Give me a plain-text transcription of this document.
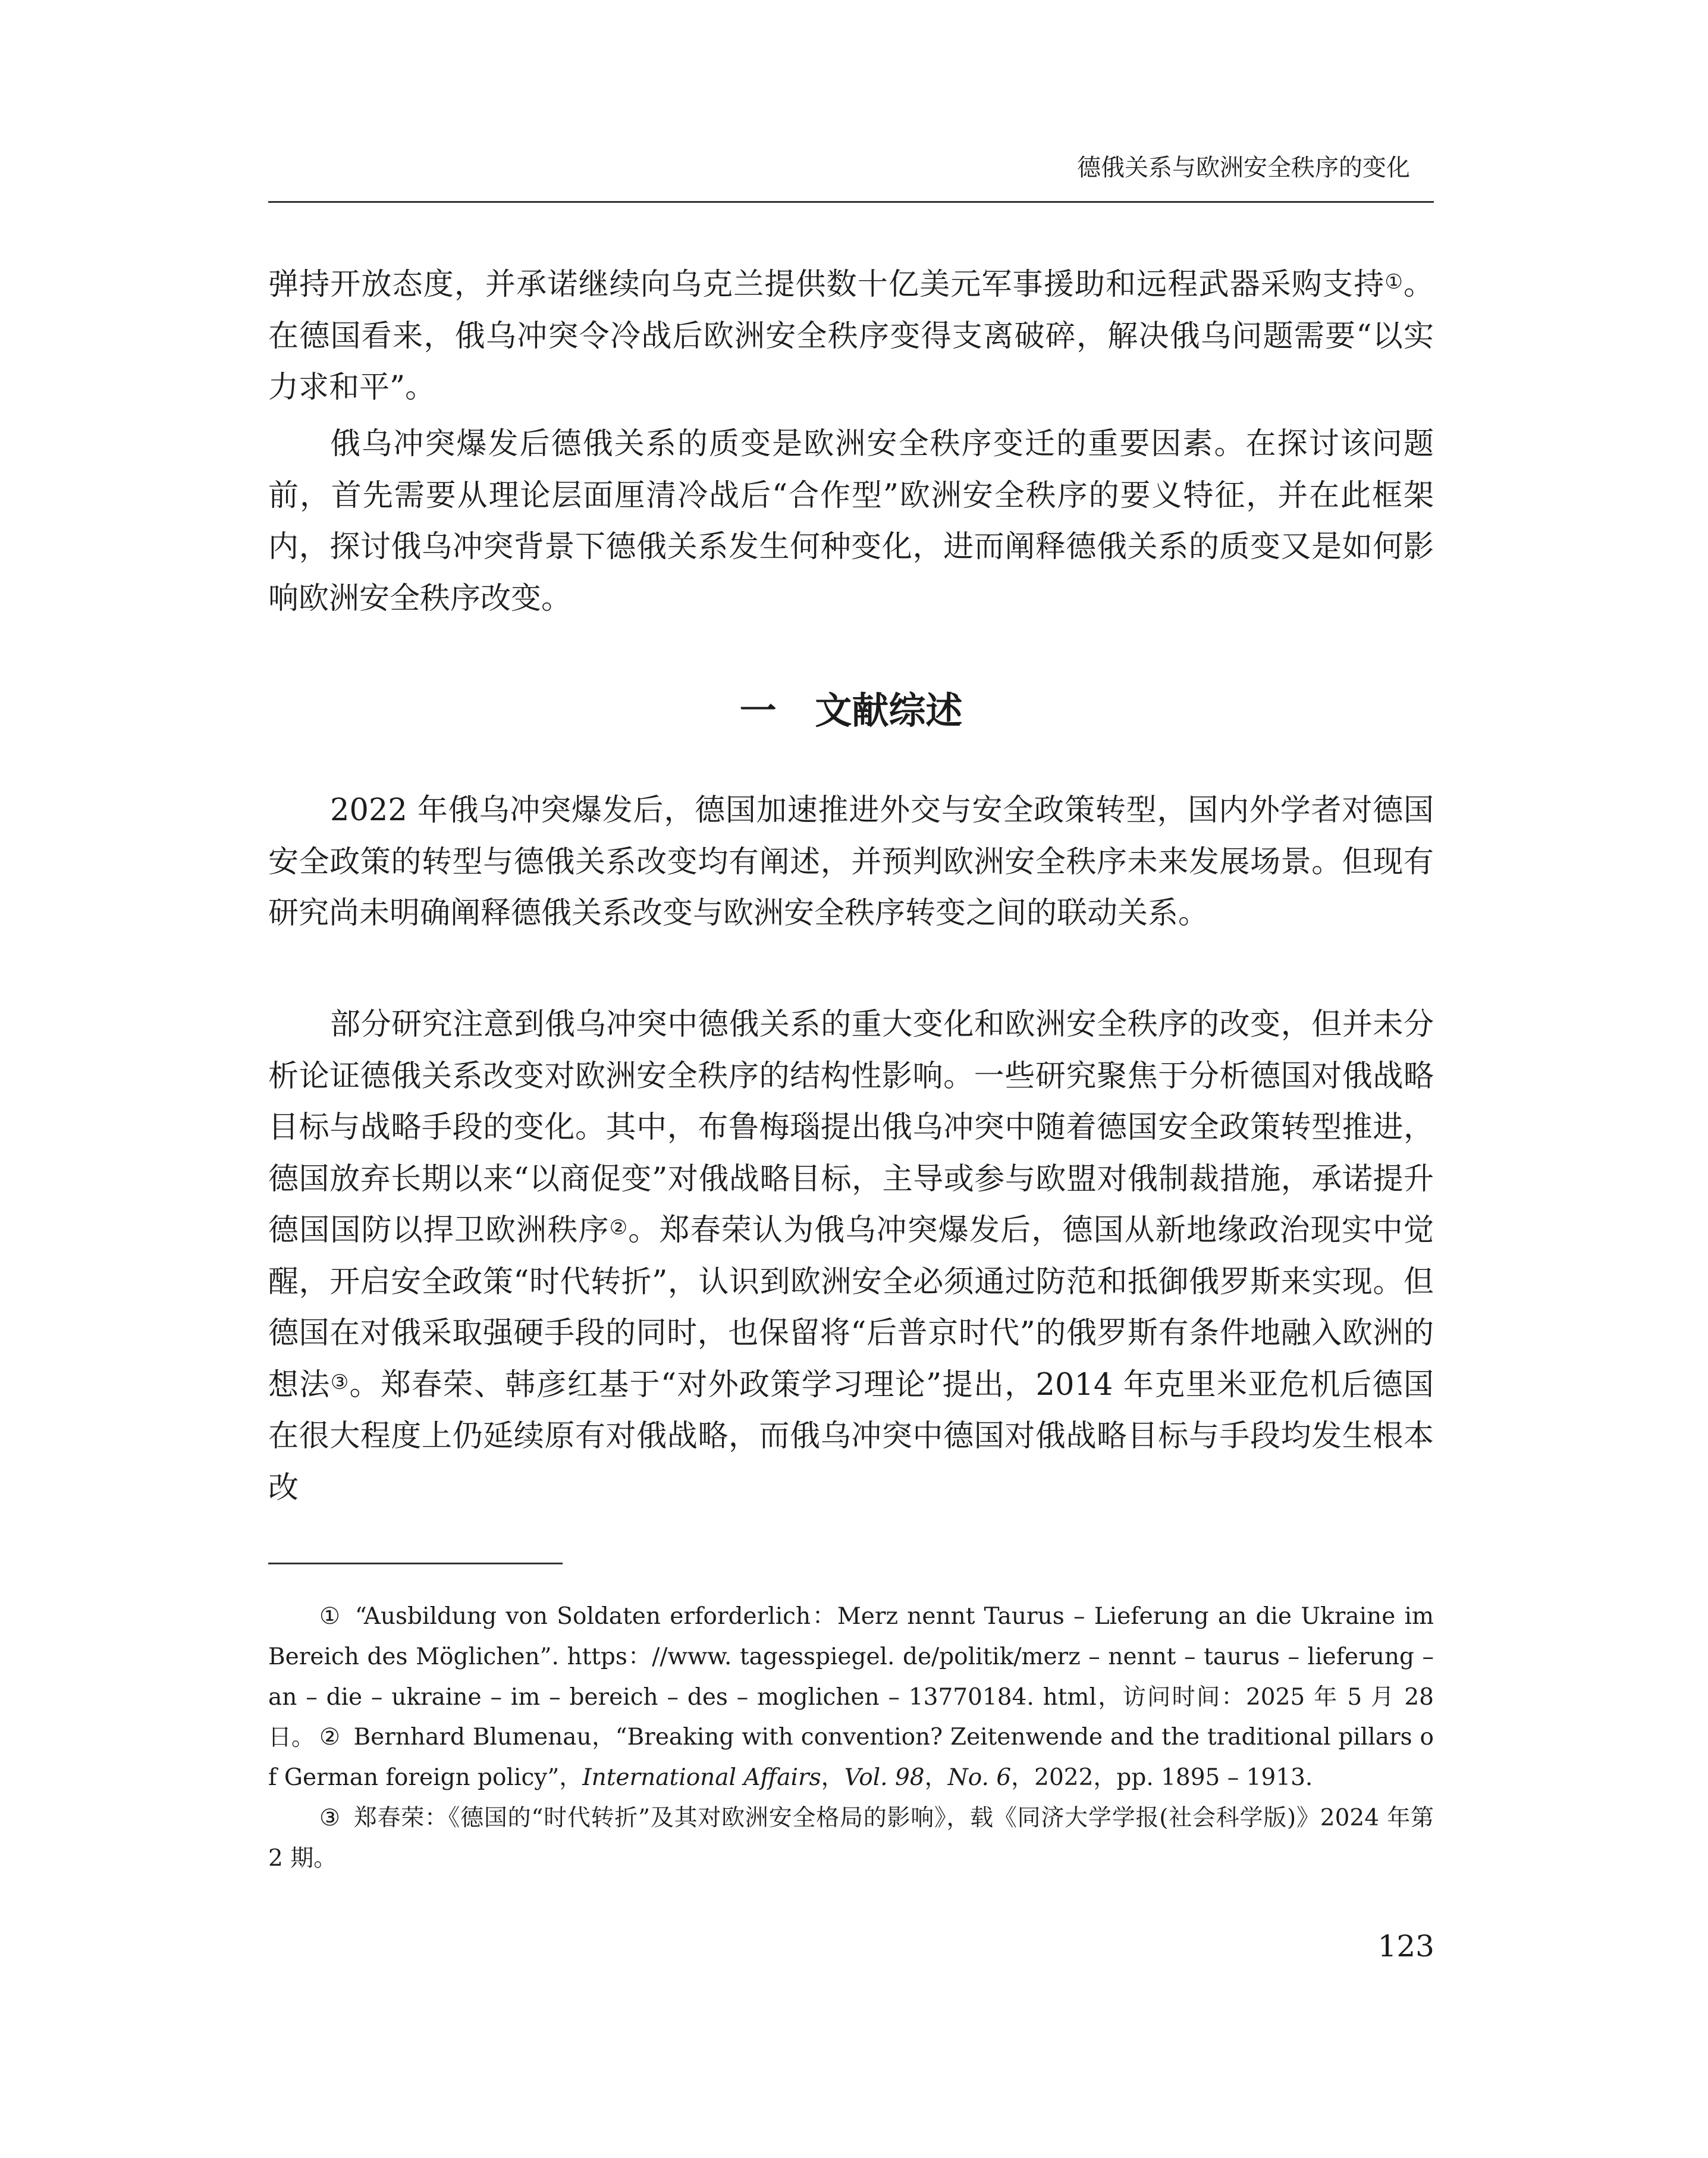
德俄关系与欧洲安全秩序的变化

弹持开放态度，并承诺继续向乌克兰提供数十亿美元军事援助和远程武器采购支持①。在德国看来，俄乌冲突令冷战后欧洲安全秩序变得支离破碎，解决俄乌问题需要“以实力求和平”。

俄乌冲突爆发后德俄关系的质变是欧洲安全秩序变迁的重要因素。在探讨该问题前，首先需要从理论层面厘清冷战后“合作型”欧洲安全秩序的要义特征，并在此框架内，探讨俄乌冲突背景下德俄关系发生何种变化，进而阐释德俄关系的质变又是如何影响欧洲安全秩序改变。

一   文献综述

2022 年俄乌冲突爆发后，德国加速推进外交与安全政策转型，国内外学者对德国安全政策的转型与德俄关系改变均有阐述，并预判欧洲安全秩序未来发展场景。但现有研究尚未明确阐释德俄关系改变与欧洲安全秩序转变之间的联动关系。

部分研究注意到俄乌冲突中德俄关系的重大变化和欧洲安全秩序的改变，但并未分析论证德俄关系改变对欧洲安全秩序的结构性影响。一些研究聚焦于分析德国对俄战略目标与战略手段的变化。其中，布鲁梅瑙提出俄乌冲突中随着德国安全政策转型推进，德国放弃长期以来“以商促变”对俄战略目标，主导或参与欧盟对俄制裁措施，承诺提升德国国防以捍卫欧洲秩序②。郑春荣认为俄乌冲突爆发后，德国从新地缘政治现实中觉醒，开启安全政策“时代转折”，认识到欧洲安全必须通过防范和抵御俄罗斯来实现。但德国在对俄采取强硬手段的同时，也保留将“后普京时代”的俄罗斯有条件地融入欧洲的想法③。郑春荣、韩彦红基于“对外政策学习理论”提出，2014 年克里米亚危机后德国在很大程度上仍延续原有对俄战略，而俄乌冲突中德国对俄战略目标与手段均发生根本改

① “Ausbildung von Soldaten erforderlich：Merz nennt Taurus – Lieferung an die Ukraine im Bereich des Möglichen”. https：//www. tagesspiegel. de/politik/merz – nennt – taurus – lieferung – an – die – ukraine – im – bereich – des – moglichen – 13770184. html，访问时间：2025 年 5 月 28 日。 ② Bernhard Blumenau，“Breaking with convention? Zeitenwende and the traditional pillars of German foreign policy”，International Affairs，Vol. 98，No. 6，2022，pp. 1895 – 1913.

③ 郑春荣：《德国的“时代转折”及其对欧洲安全格局的影响》，载《同济大学学报(社会科学版)》2024 年第 2 期。

123
